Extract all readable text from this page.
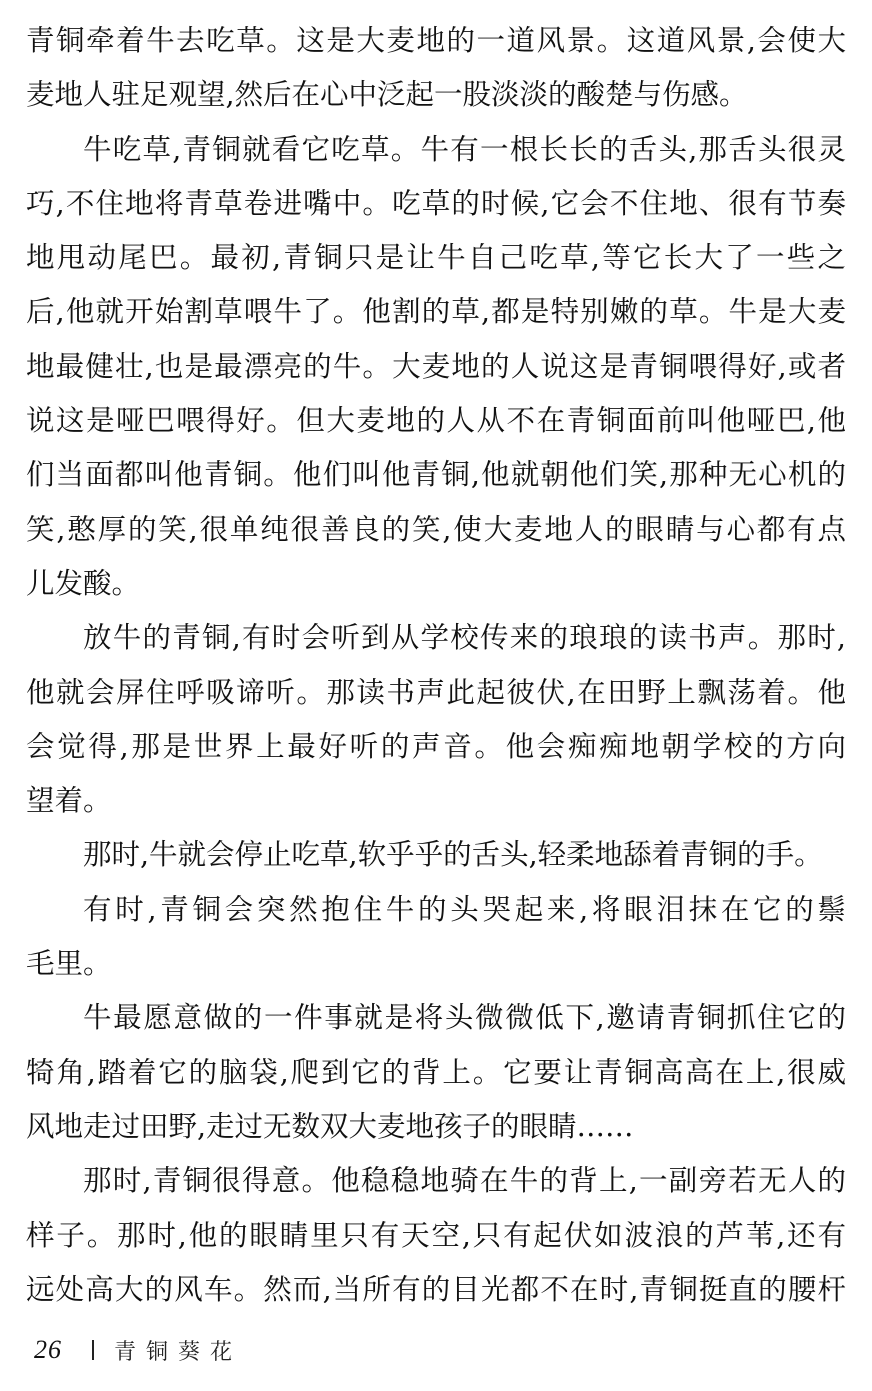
青铜牵着牛去吃草。这是大麦地的一道风景。这道风景,会使大
麦地人驻足观望,然后在心中泛起一股淡淡的酸楚与伤感。
牛吃草,青铜就看它吃草。牛有一根长长的舌头,那舌头很灵
巧,不住地将青草卷进嘴中。吃草的时候,它会不住地、很有节奏
地甩动尾巴。最初,青铜只是让牛自己吃草,等它长大了一些之
后,他就开始割草喂牛了。他割的草,都是特别嫩的草。牛是大麦
地最健壮,也是最漂亮的牛。大麦地的人说这是青铜喂得好,或者
说这是哑巴喂得好。但大麦地的人从不在青铜面前叫他哑巴,他
们当面都叫他青铜。他们叫他青铜,他就朝他们笑,那种无心机的
笑,憨厚的笑,很单纯很善良的笑,使大麦地人的眼睛与心都有点
儿发酸。
放牛的青铜,有时会听到从学校传来的琅琅的读书声。那时,
他就会屏住呼吸谛听。那读书声此起彼伏,在田野上飘荡着。他
会觉得,那是世界上最好听的声音。他会痴痴地朝学校的方向
望着。
那时,牛就会停止吃草,软乎乎的舌头,轻柔地舔着青铜的手。
有时,青铜会突然抱住牛的头哭起来,将眼泪抹在它的鬃
毛里。
牛最愿意做的一件事就是将头微微低下,邀请青铜抓住它的
犄角,踏着它的脑袋,爬到它的背上。它要让青铜高高在上,很威
风地走过田野,走过无数双大麦地孩子的眼睛……
那时,青铜很得意。他稳稳地骑在牛的背上,一副旁若无人的
样子。那时,他的眼睛里只有天空,只有起伏如波浪的芦苇,还有
远处高大的风车。然而,当所有的目光都不在时,青铜挺直的腰杆
26 青铜葵花
